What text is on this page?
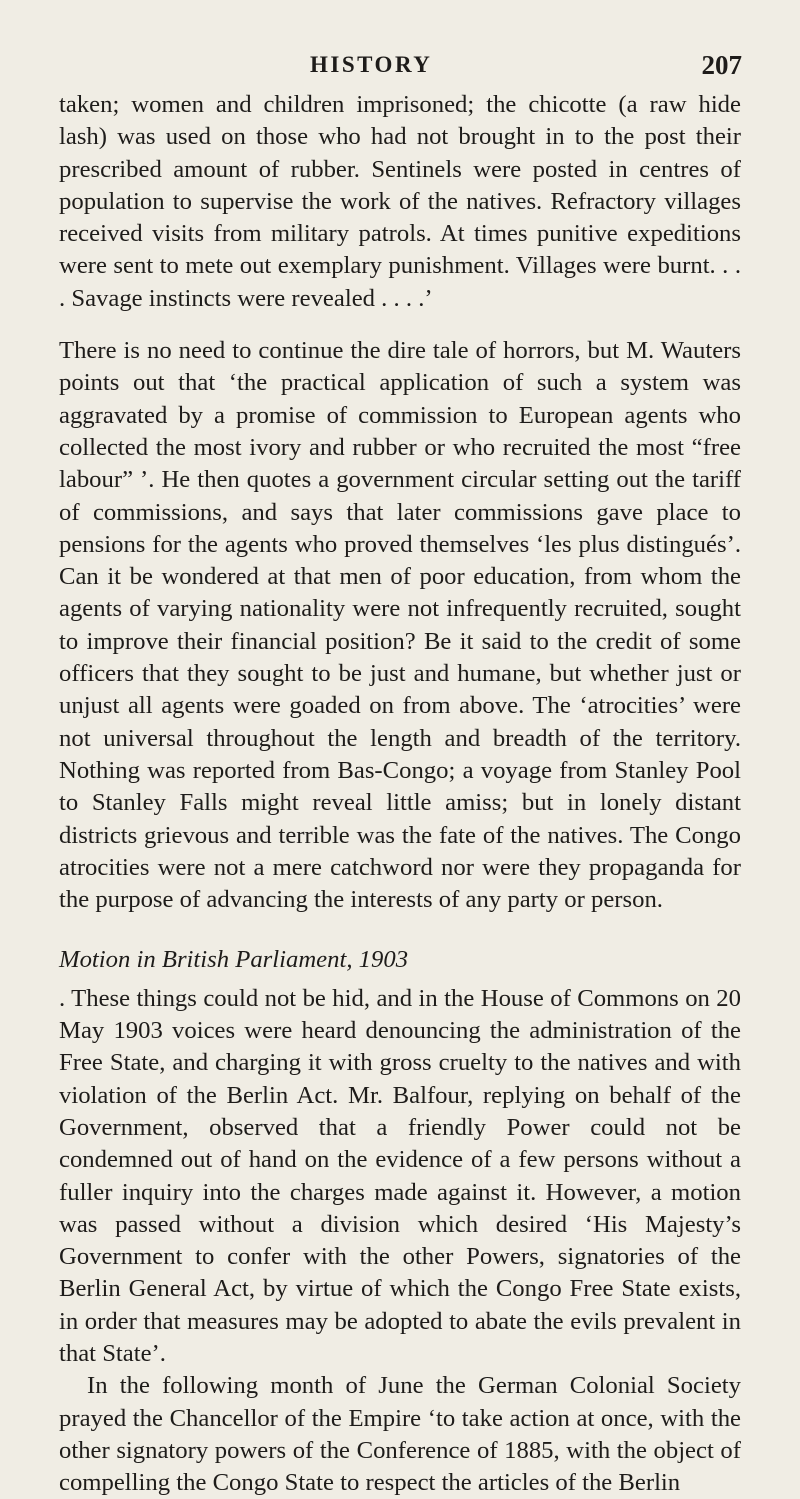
HISTORY	207

taken; women and children imprisoned; the chicotte (a raw hide lash) was used on those who had not brought in to the post their prescribed amount of rubber. Sentinels were posted in centres of population to supervise the work of the natives. Refractory villages received visits from military patrols. At times punitive expeditions were sent to mete out exemplary punishment. Villages were burnt. . . . Savage instincts were revealed . . . .’

There is no need to continue the dire tale of horrors, but M. Wauters points out that ‘the practical application of such a system was aggravated by a promise of commission to European agents who collected the most ivory and rubber or who recruited the most “free labour” ’. He then quotes a government circular setting out the tariff of commissions, and says that later commissions gave place to pensions for the agents who proved themselves ‘les plus distingués’. Can it be wondered at that men of poor education, from whom the agents of varying nationality were not infrequently recruited, sought to improve their financial position? Be it said to the credit of some officers that they sought to be just and humane, but whether just or unjust all agents were goaded on from above. The ‘atrocities’ were not universal throughout the length and breadth of the territory. Nothing was reported from Bas-Congo; a voyage from Stanley Pool to Stanley Falls might reveal little amiss; but in lonely distant districts grievous and terrible was the fate of the natives. The Congo atrocities were not a mere catchword nor were they propaganda for the purpose of advancing the interests of any party or person.

Motion in British Parliament, 1903

. These things could not be hid, and in the House of Commons on 20 May 1903 voices were heard denouncing the administration of the Free State, and charging it with gross cruelty to the natives and with violation of the Berlin Act. Mr. Balfour, replying on behalf of the Government, observed that a friendly Power could not be condemned out of hand on the evidence of a few persons without a fuller inquiry into the charges made against it. However, a motion was passed without a division which desired ‘His Majesty’s Government to confer with the other Powers, signatories of the Berlin General Act, by virtue of which the Congo Free State exists, in order that measures may be adopted to abate the evils prevalent in that State’.

In the following month of June the German Colonial Society prayed the Chancellor of the Empire ‘to take action at once, with the other signatory powers of the Conference of 1885, with the object of compelling the Congo State to respect the articles of the Berlin
